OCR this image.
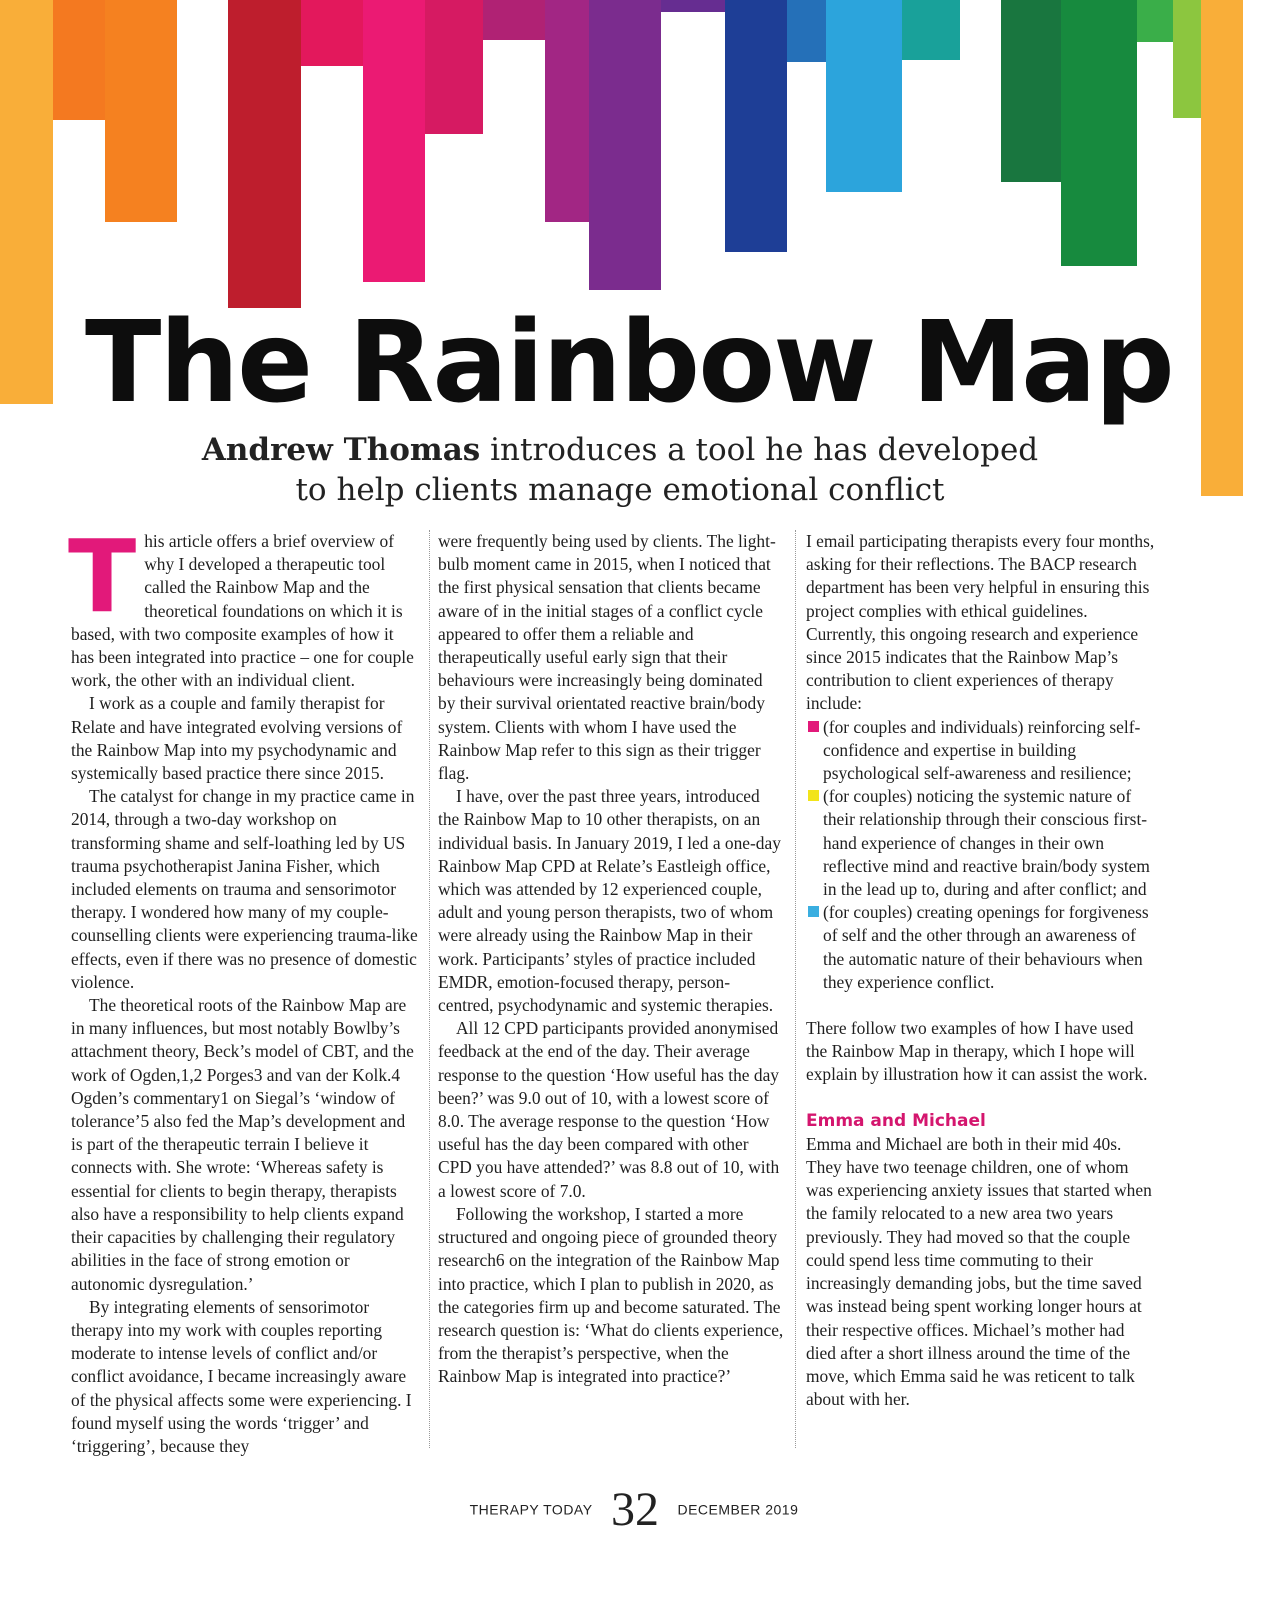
The Rainbow Map

Andrew Thomas introduces a tool he has developed to help clients manage emotional conflict

This article offers a brief overview of why I developed a therapeutic tool called the Rainbow Map and the theoretical foundations on which it is based, with two composite examples of how it has been integrated into practice – one for couple work, the other with an individual client.

I work as a couple and family therapist for Relate and have integrated evolving versions of the Rainbow Map into my psychodynamic and systemically based practice there since 2015.

The catalyst for change in my practice came in 2014, through a two-day workshop on transforming shame and self-loathing led by US trauma psychotherapist Janina Fisher, which included elements on trauma and sensorimotor therapy. I wondered how many of my couple-counselling clients were experiencing trauma-like effects, even if there was no presence of domestic violence.

The theoretical roots of the Rainbow Map are in many influences, but most notably Bowlby’s attachment theory, Beck’s model of CBT, and the work of Ogden,1,2 Porges3 and van der Kolk.4 Ogden’s commentary1 on Siegal’s ‘window of tolerance’5 also fed the Map’s development and is part of the therapeutic terrain I believe it connects with. She wrote: ‘Whereas safety is essential for clients to begin therapy, therapists also have a responsibility to help clients expand their capacities by challenging their regulatory abilities in the face of strong emotion or autonomic dysregulation.’

By integrating elements of sensorimotor therapy into my work with couples reporting moderate to intense levels of conflict and/or conflict avoidance, I became increasingly aware of the physical affects some were experiencing. I found myself using the words ‘trigger’ and ‘triggering’, because they

were frequently being used by clients. The light-bulb moment came in 2015, when I noticed that the first physical sensation that clients became aware of in the initial stages of a conflict cycle appeared to offer them a reliable and therapeutically useful early sign that their behaviours were increasingly being dominated by their survival orientated reactive brain/body system. Clients with whom I have used the Rainbow Map refer to this sign as their trigger flag.

I have, over the past three years, introduced the Rainbow Map to 10 other therapists, on an individual basis. In January 2019, I led a one-day Rainbow Map CPD at Relate’s Eastleigh office, which was attended by 12 experienced couple, adult and young person therapists, two of whom were already using the Rainbow Map in their work. Participants’ styles of practice included EMDR, emotion-focused therapy, person-centred, psychodynamic and systemic therapies.

All 12 CPD participants provided anonymised feedback at the end of the day. Their average response to the question ‘How useful has the day been?’ was 9.0 out of 10, with a lowest score of 8.0. The average response to the question ‘How useful has the day been compared with other CPD you have attended?’ was 8.8 out of 10, with a lowest score of 7.0.

Following the workshop, I started a more structured and ongoing piece of grounded theory research6 on the integration of the Rainbow Map into practice, which I plan to publish in 2020, as the categories firm up and become saturated. The research question is: ‘What do clients experience, from the therapist’s perspective, when the Rainbow Map is integrated into practice?’

I email participating therapists every four months, asking for their reflections. The BACP research department has been very helpful in ensuring this project complies with ethical guidelines. Currently, this ongoing research and experience since 2015 indicates that the Rainbow Map’s contribution to client experiences of therapy include:

(for couples and individuals) reinforcing self-confidence and expertise in building psychological self-awareness and resilience;
(for couples) noticing the systemic nature of their relationship through their conscious first-hand experience of changes in their own reflective mind and reactive brain/body system in the lead up to, during and after conflict; and
(for couples) creating openings for forgiveness of self and the other through an awareness of the automatic nature of their behaviours when they experience conflict.

There follow two examples of how I have used the Rainbow Map in therapy, which I hope will explain by illustration how it can assist the work.

Emma and Michael

Emma and Michael are both in their mid 40s. They have two teenage children, one of whom was experiencing anxiety issues that started when the family relocated to a new area two years previously. They had moved so that the couple could spend less time commuting to their increasingly demanding jobs, but the time saved was instead being spent working longer hours at their respective offices. Michael’s mother had died after a short illness around the time of the move, which Emma said he was reticent to talk about with her.

THERAPY TODAY 32 DECEMBER 2019
